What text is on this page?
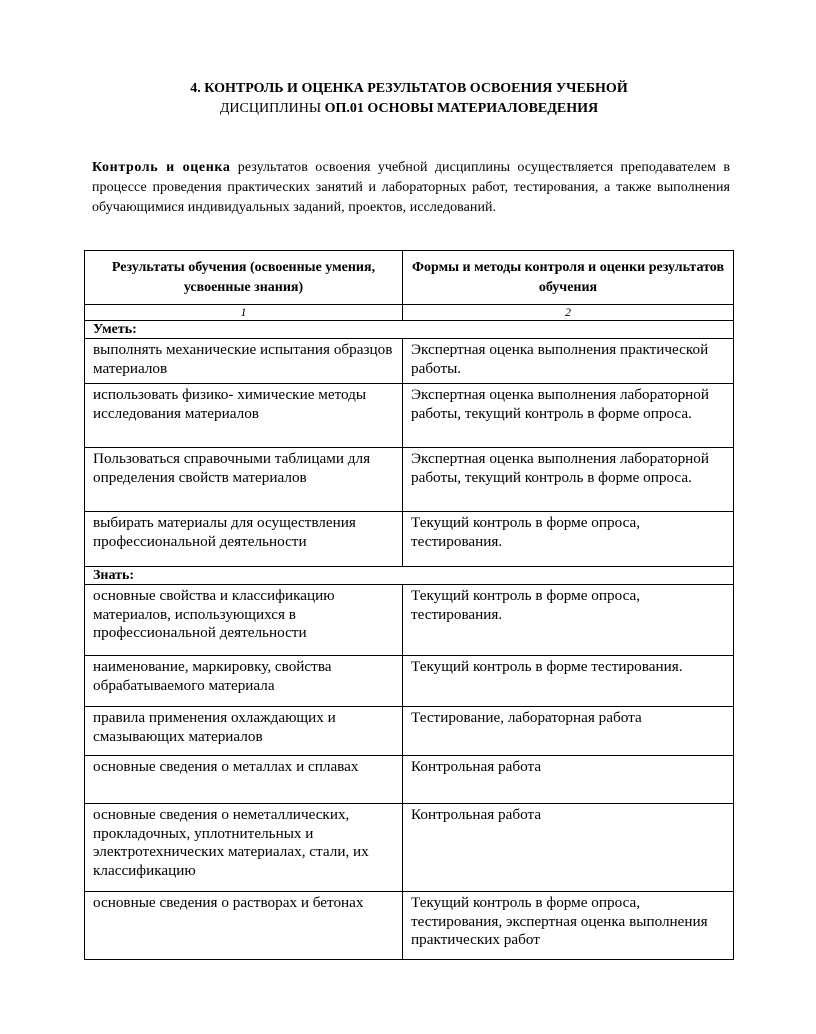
4. КОНТРОЛЬ И ОЦЕНКА РЕЗУЛЬТАТОВ ОСВОЕНИЯ УЧЕБНОЙ
ДИСЦИПЛИНЫ ОП.01 ОСНОВЫ МАТЕРИАЛОВЕДЕНИЯ

Контроль и оценка результатов освоения учебной дисциплины осуществляется преподавателем в процессе проведения практических занятий и лабораторных работ, тестирования, а также выполнения обучающимися индивидуальных заданий, проектов, исследований.

Результаты обучения (освоенные умения, усвоенные знания)	Формы и методы контроля и оценки результатов обучения
1	2
Уметь:	
выполнять механические испытания образцов материалов	Экспертная оценка выполнения практической работы.
использовать физико- химические методы исследования материалов	Экспертная оценка выполнения лабораторной работы, текущий контроль в форме опроса.
Пользоваться справочными таблицами для определения свойств материалов	Экспертная оценка выполнения лабораторной работы, текущий контроль в форме опроса.
выбирать материалы для осуществления профессиональной деятельности	Текущий контроль в форме опроса, тестирования.
Знать:	
основные свойства и классификацию материалов, использующихся в профессиональной деятельности	Текущий контроль в форме опроса, тестирования.
наименование, маркировку, свойства обрабатываемого материала	Текущий контроль в форме тестирования.
правила применения охлаждающих и смазывающих материалов	Тестирование, лабораторная работа
основные сведения о металлах и сплавах	Контрольная работа
основные сведения о неметаллических, прокладочных, уплотнительных и электротехнических материалах, стали, их классификацию	Контрольная работа
основные сведения о растворах и бетонах	Текущий контроль в форме опроса, тестирования, экспертная оценка выполнения практических работ
